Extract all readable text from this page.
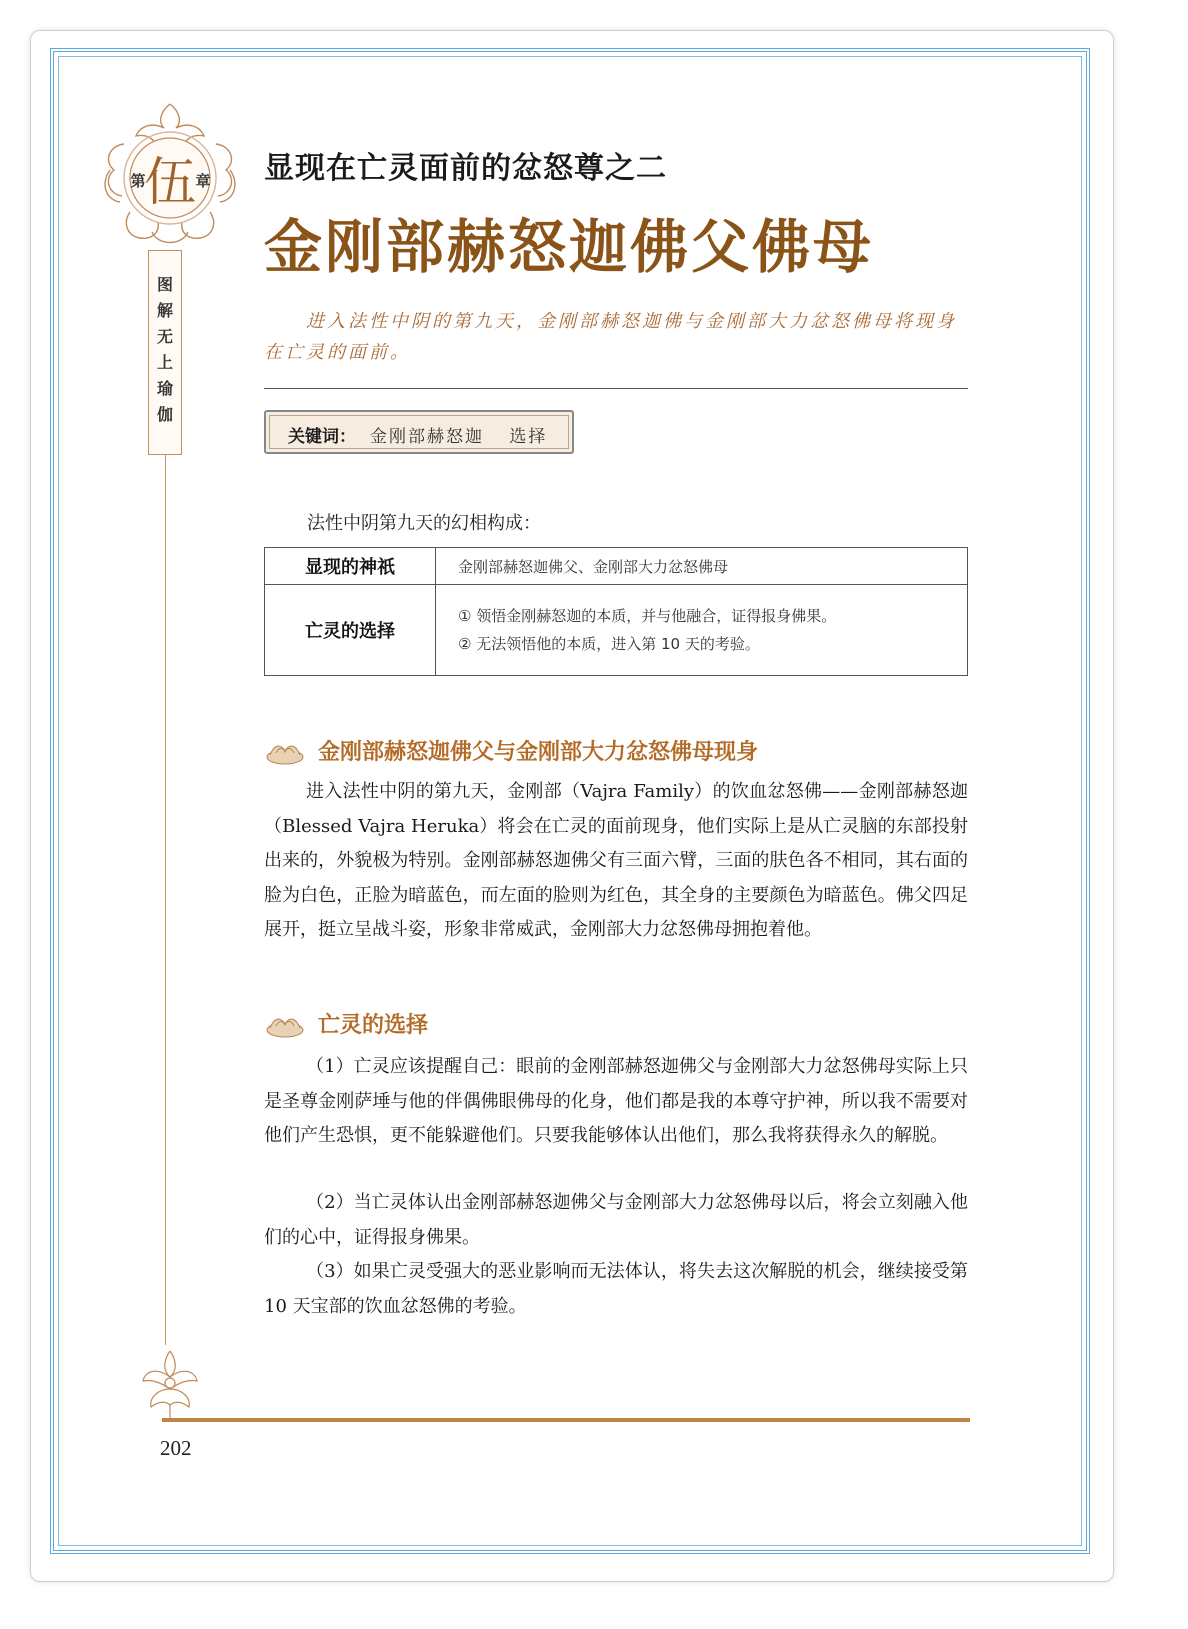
伍
第	章
图
解
无
上
瑜
伽
显现在亡灵面前的忿怒尊之二
金刚部赫怒迦佛父佛母
进入法性中阴的第九天，金刚部赫怒迦佛与金刚部大力忿怒佛母将现身在亡灵的面前。
关键词： 金刚部赫怒迦 选择
法性中阴第九天的幻相构成：
显现的神祇	金刚部赫怒迦佛父、金刚部大力忿怒佛母
亡灵的选择	① 领悟金刚赫怒迦的本质，并与他融合，证得报身佛果。
② 无法领悟他的本质，进入第 10 天的考验。
金刚部赫怒迦佛父与金刚部大力忿怒佛母现身
进入法性中阴的第九天，金刚部（Vajra Family）的饮血忿怒佛——金刚部赫怒迦 （Blessed Vajra Heruka）将会在亡灵的面前现身，他们实际上是从亡灵脑的东部投射出来的，外貌极为特别。金刚部赫怒迦佛父有三面六臂，三面的肤色各不相同，其右面的脸为白色，正脸为暗蓝色，而左面的脸则为红色，其全身的主要颜色为暗蓝色。佛父四足展开，挺立呈战斗姿，形象非常威武，金刚部大力忿怒佛母拥抱着他。
亡灵的选择
（1）亡灵应该提醒自己：眼前的金刚部赫怒迦佛父与金刚部大力忿怒佛母实际上只是圣尊金刚萨埵与他的伴偶佛眼佛母的化身，他们都是我的本尊守护神，所以我不需要对他们产生恐惧，更不能躲避他们。只要我能够体认出他们，那么我将获得永久的解脱。
（2）当亡灵体认出金刚部赫怒迦佛父与金刚部大力忿怒佛母以后，将会立刻融入他们的心中，证得报身佛果。
（3）如果亡灵受强大的恶业影响而无法体认，将失去这次解脱的机会，继续接受第 10 天宝部的饮血忿怒佛的考验。
202
